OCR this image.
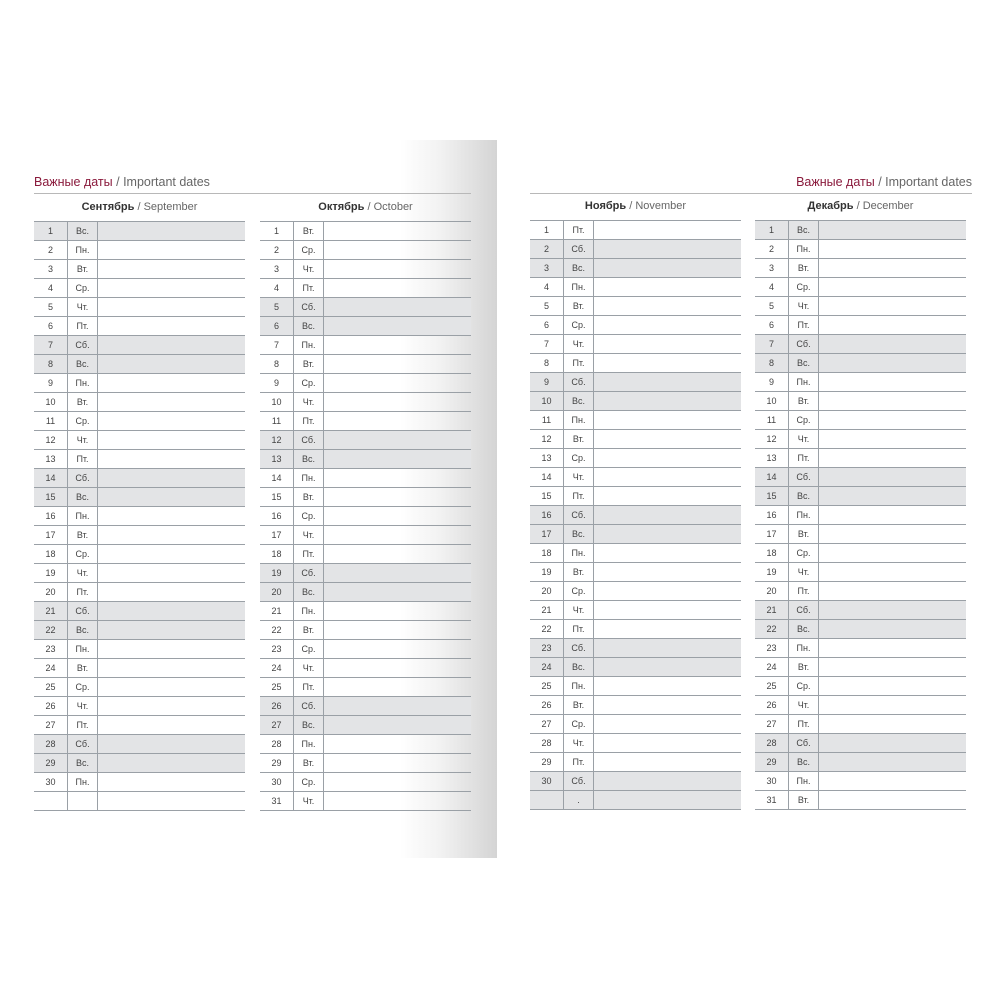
Важные даты / Important dates
Сентябрь / September
1	Вс.
2	Пн.
3	Вт.
4	Ср.
5	Чт.
6	Пт.
7	Сб.
8	Вс.
9	Пн.
10	Вт.
11	Ср.
12	Чт.
13	Пт.
14	Сб.
15	Вс.
16	Пн.
17	Вт.
18	Ср.
19	Чт.
20	Пт.
21	Сб.
22	Вс.
23	Пн.
24	Вт.
25	Ср.
26	Чт.
27	Пт.
28	Сб.
29	Вс.
30	Пн.
Октябрь / October
1	Вт.
2	Ср.
3	Чт.
4	Пт.
5	Сб.
6	Вс.
7	Пн.
8	Вт.
9	Ср.
10	Чт.
11	Пт.
12	Сб.
13	Вс.
14	Пн.
15	Вт.
16	Ср.
17	Чт.
18	Пт.
19	Сб.
20	Вс.
21	Пн.
22	Вт.
23	Ср.
24	Чт.
25	Пт.
26	Сб.
27	Вс.
28	Пн.
29	Вт.
30	Ср.
31	Чт.
Важные даты / Important dates
Ноябрь / November
1	Пт.
2	Сб.
3	Вс.
4	Пн.
5	Вт.
6	Ср.
7	Чт.
8	Пт.
9	Сб.
10	Вс.
11	Пн.
12	Вт.
13	Ср.
14	Чт.
15	Пт.
16	Сб.
17	Вс.
18	Пн.
19	Вт.
20	Ср.
21	Чт.
22	Пт.
23	Сб.
24	Вс.
25	Пн.
26	Вт.
27	Ср.
28	Чт.
29	Пт.
30	Сб.
.
Декабрь / December
1	Вс.
2	Пн.
3	Вт.
4	Ср.
5	Чт.
6	Пт.
7	Сб.
8	Вс.
9	Пн.
10	Вт.
11	Ср.
12	Чт.
13	Пт.
14	Сб.
15	Вс.
16	Пн.
17	Вт.
18	Ср.
19	Чт.
20	Пт.
21	Сб.
22	Вс.
23	Пн.
24	Вт.
25	Ср.
26	Чт.
27	Пт.
28	Сб.
29	Вс.
30	Пн.
31	Вт.
